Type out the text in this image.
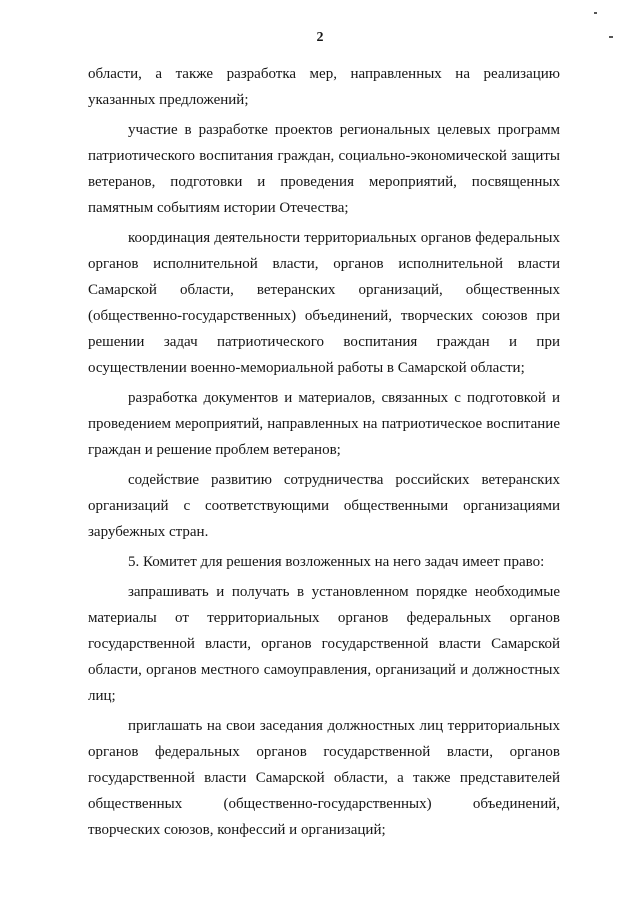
2

области, а также разработка мер, направленных на реализацию указанных предложений;

участие в разработке проектов региональных целевых программ патриотического воспитания граждан, социально-экономической защиты ветеранов, подготовки и проведения мероприятий, посвященных памятным событиям истории Отечества;

координация деятельности территориальных органов федеральных органов исполнительной власти, органов исполнительной власти Самарской области, ветеранских организаций, общественных (общественно-государственных) объединений, творческих союзов при решении задач патриотического воспитания граждан и при осуществлении военно-мемориальной работы в Самарской области;

разработка документов и материалов, связанных с подготовкой и проведением мероприятий, направленных на патриотическое воспитание граждан и решение проблем ветеранов;

содействие развитию сотрудничества российских ветеранских организаций с соответствующими общественными организациями зарубежных стран.

5. Комитет для решения возложенных на него задач имеет право:

запрашивать и получать в установленном порядке необходимые материалы от территориальных органов федеральных органов государственной власти, органов государственной власти Самарской области, органов местного самоуправления, организаций и должностных лиц;

приглашать на свои заседания должностных лиц территориальных органов федеральных органов государственной власти, органов государственной власти Самарской области, а также представителей общественных (общественно-государственных) объединений, творческих союзов, конфессий и организаций;
